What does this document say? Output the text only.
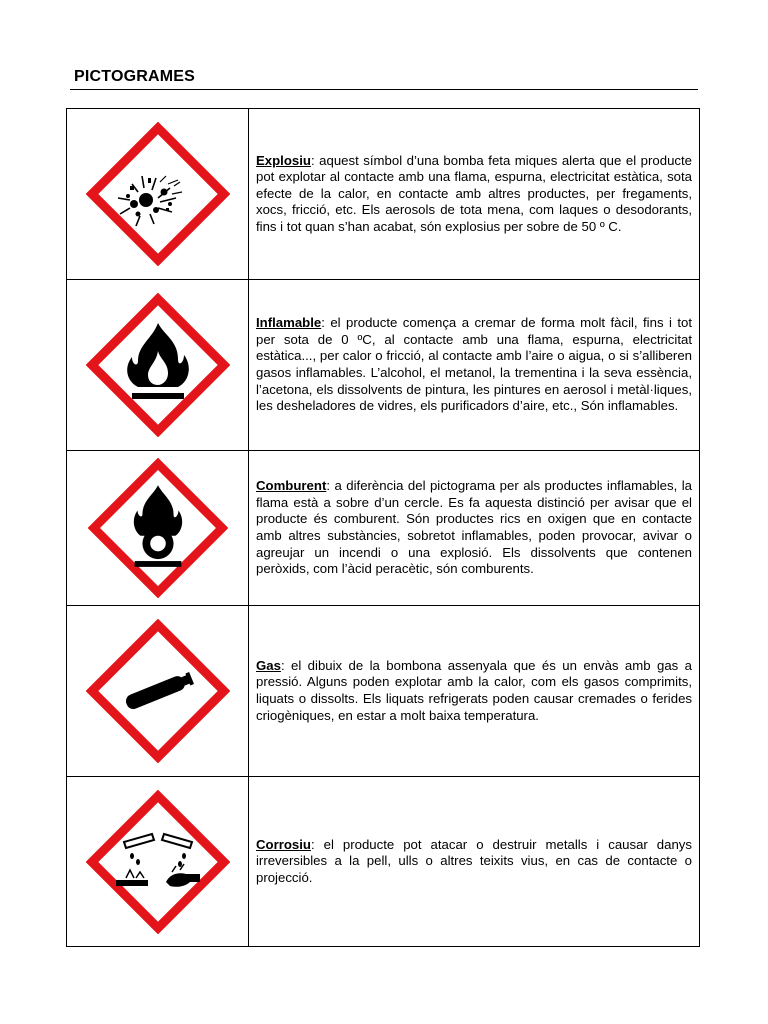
PICTOGRAMES

Explosiu: aquest símbol d’una bomba feta miques alerta que el producte pot explotar al contacte amb una flama, espurna, electricitat estàtica, sota efecte de la calor, en contacte amb altres productes, per fregaments, xocs, fricció, etc. Els aerosols de tota mena, com laques o desodorants, fins i tot quan s’han acabat, són explosius per sobre de 50 º C.

Inflamable: el producte comença a cremar de forma molt fàcil, fins i tot per sota de 0 ºC, al contacte amb una flama, espurna, electricitat estàtica..., per calor o fricció, al contacte amb l’aire o aigua, o si s’alliberen gasos inflamables. L’alcohol, el metanol, la trementina i la seva essència, l’acetona, els dissolvents de pintura, les pintures en aerosol i metàl·liques, les desheladores de vidres, els purificadors d’aire, etc., Són inflamables.

Comburent: a diferència del pictograma per als productes inflamables, la flama està a sobre d’un cercle. Es fa aquesta distinció per avisar que el producte és comburent. Són productes rics en oxigen que en contacte amb altres substàncies, sobretot inflamables, poden provocar, avivar o agreujar un incendi o una explosió. Els dissolvents que contenen peròxids, com l’àcid peracètic, són comburents.

Gas: el dibuix de la bombona assenyala que és un envàs amb gas a pressió. Alguns poden explotar amb la calor, com els gasos comprimits, liquats o dissolts. Els liquats refrigerats poden causar cremades o ferides criogèniques, en estar a molt baixa temperatura.

Corrosiu: el producte pot atacar o destruir metalls i causar danys irreversibles a la pell, ulls o altres teixits vius, en cas de contacte o projecció.
